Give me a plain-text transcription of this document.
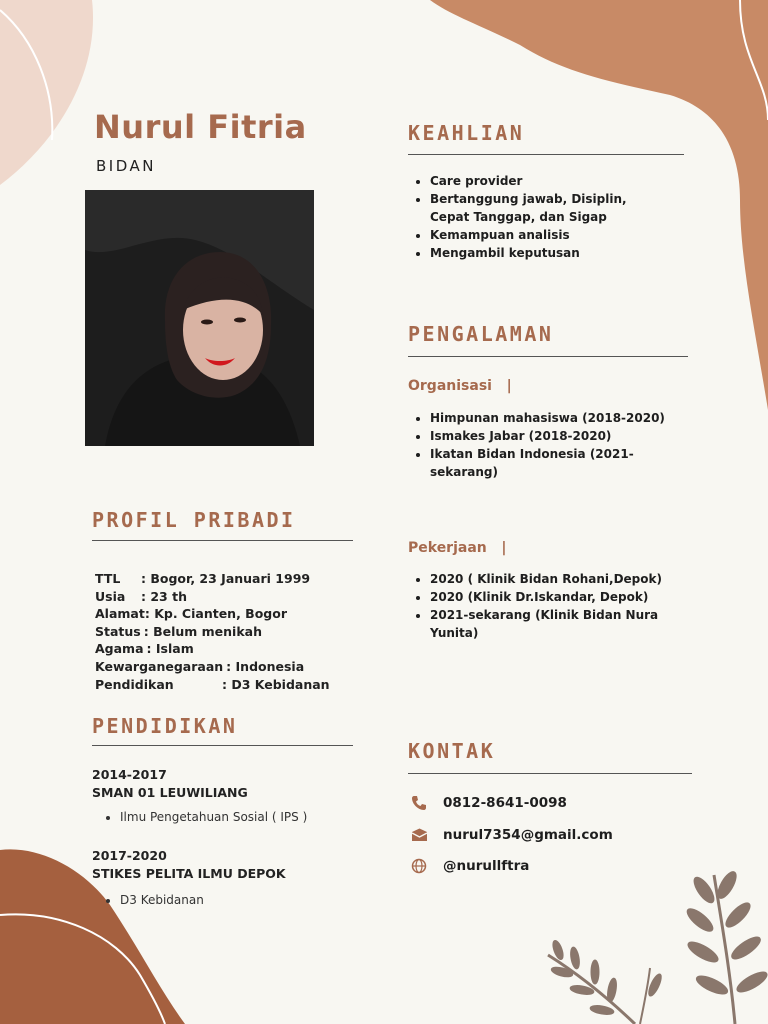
Nurul Fitria
BIDAN
KEAHLIAN
• Care provider
• Bertanggung jawab, Disiplin, Cepat Tanggap, dan Sigap
• Kemampuan analisis
• Mengambil keputusan
PENGALAMAN
Organisasi   |
• Himpunan mahasiswa (2018-2020)
• Ismakes Jabar (2018-2020)
• Ikatan Bidan Indonesia (2021-sekarang)
Pekerjaan   |
• 2020 ( Klinik Bidan Rohani,Depok)
• 2020 (Klinik Dr.Iskandar, Depok)
• 2021-sekarang (Klinik Bidan Nura Yunita)
PROFIL PRIBADI
TTL	: Bogor, 23 Januari 1999
Usia	: 23 th
Alamat : Kp. Cianten, Bogor
Status : Belum menikah
Agama : Islam
Kewarganegaraan : Indonesia
Pendidikan	: D3 Kebidanan
PENDIDIKAN
2014-2017
SMAN 01 LEUWILIANG
• Ilmu Pengetahuan Sosial ( IPS )
2017-2020
STIKES PELITA ILMU DEPOK
• D3 Kebidanan
KONTAK
0812-8641-0098
nurul7354@gmail.com
@nurullftra
